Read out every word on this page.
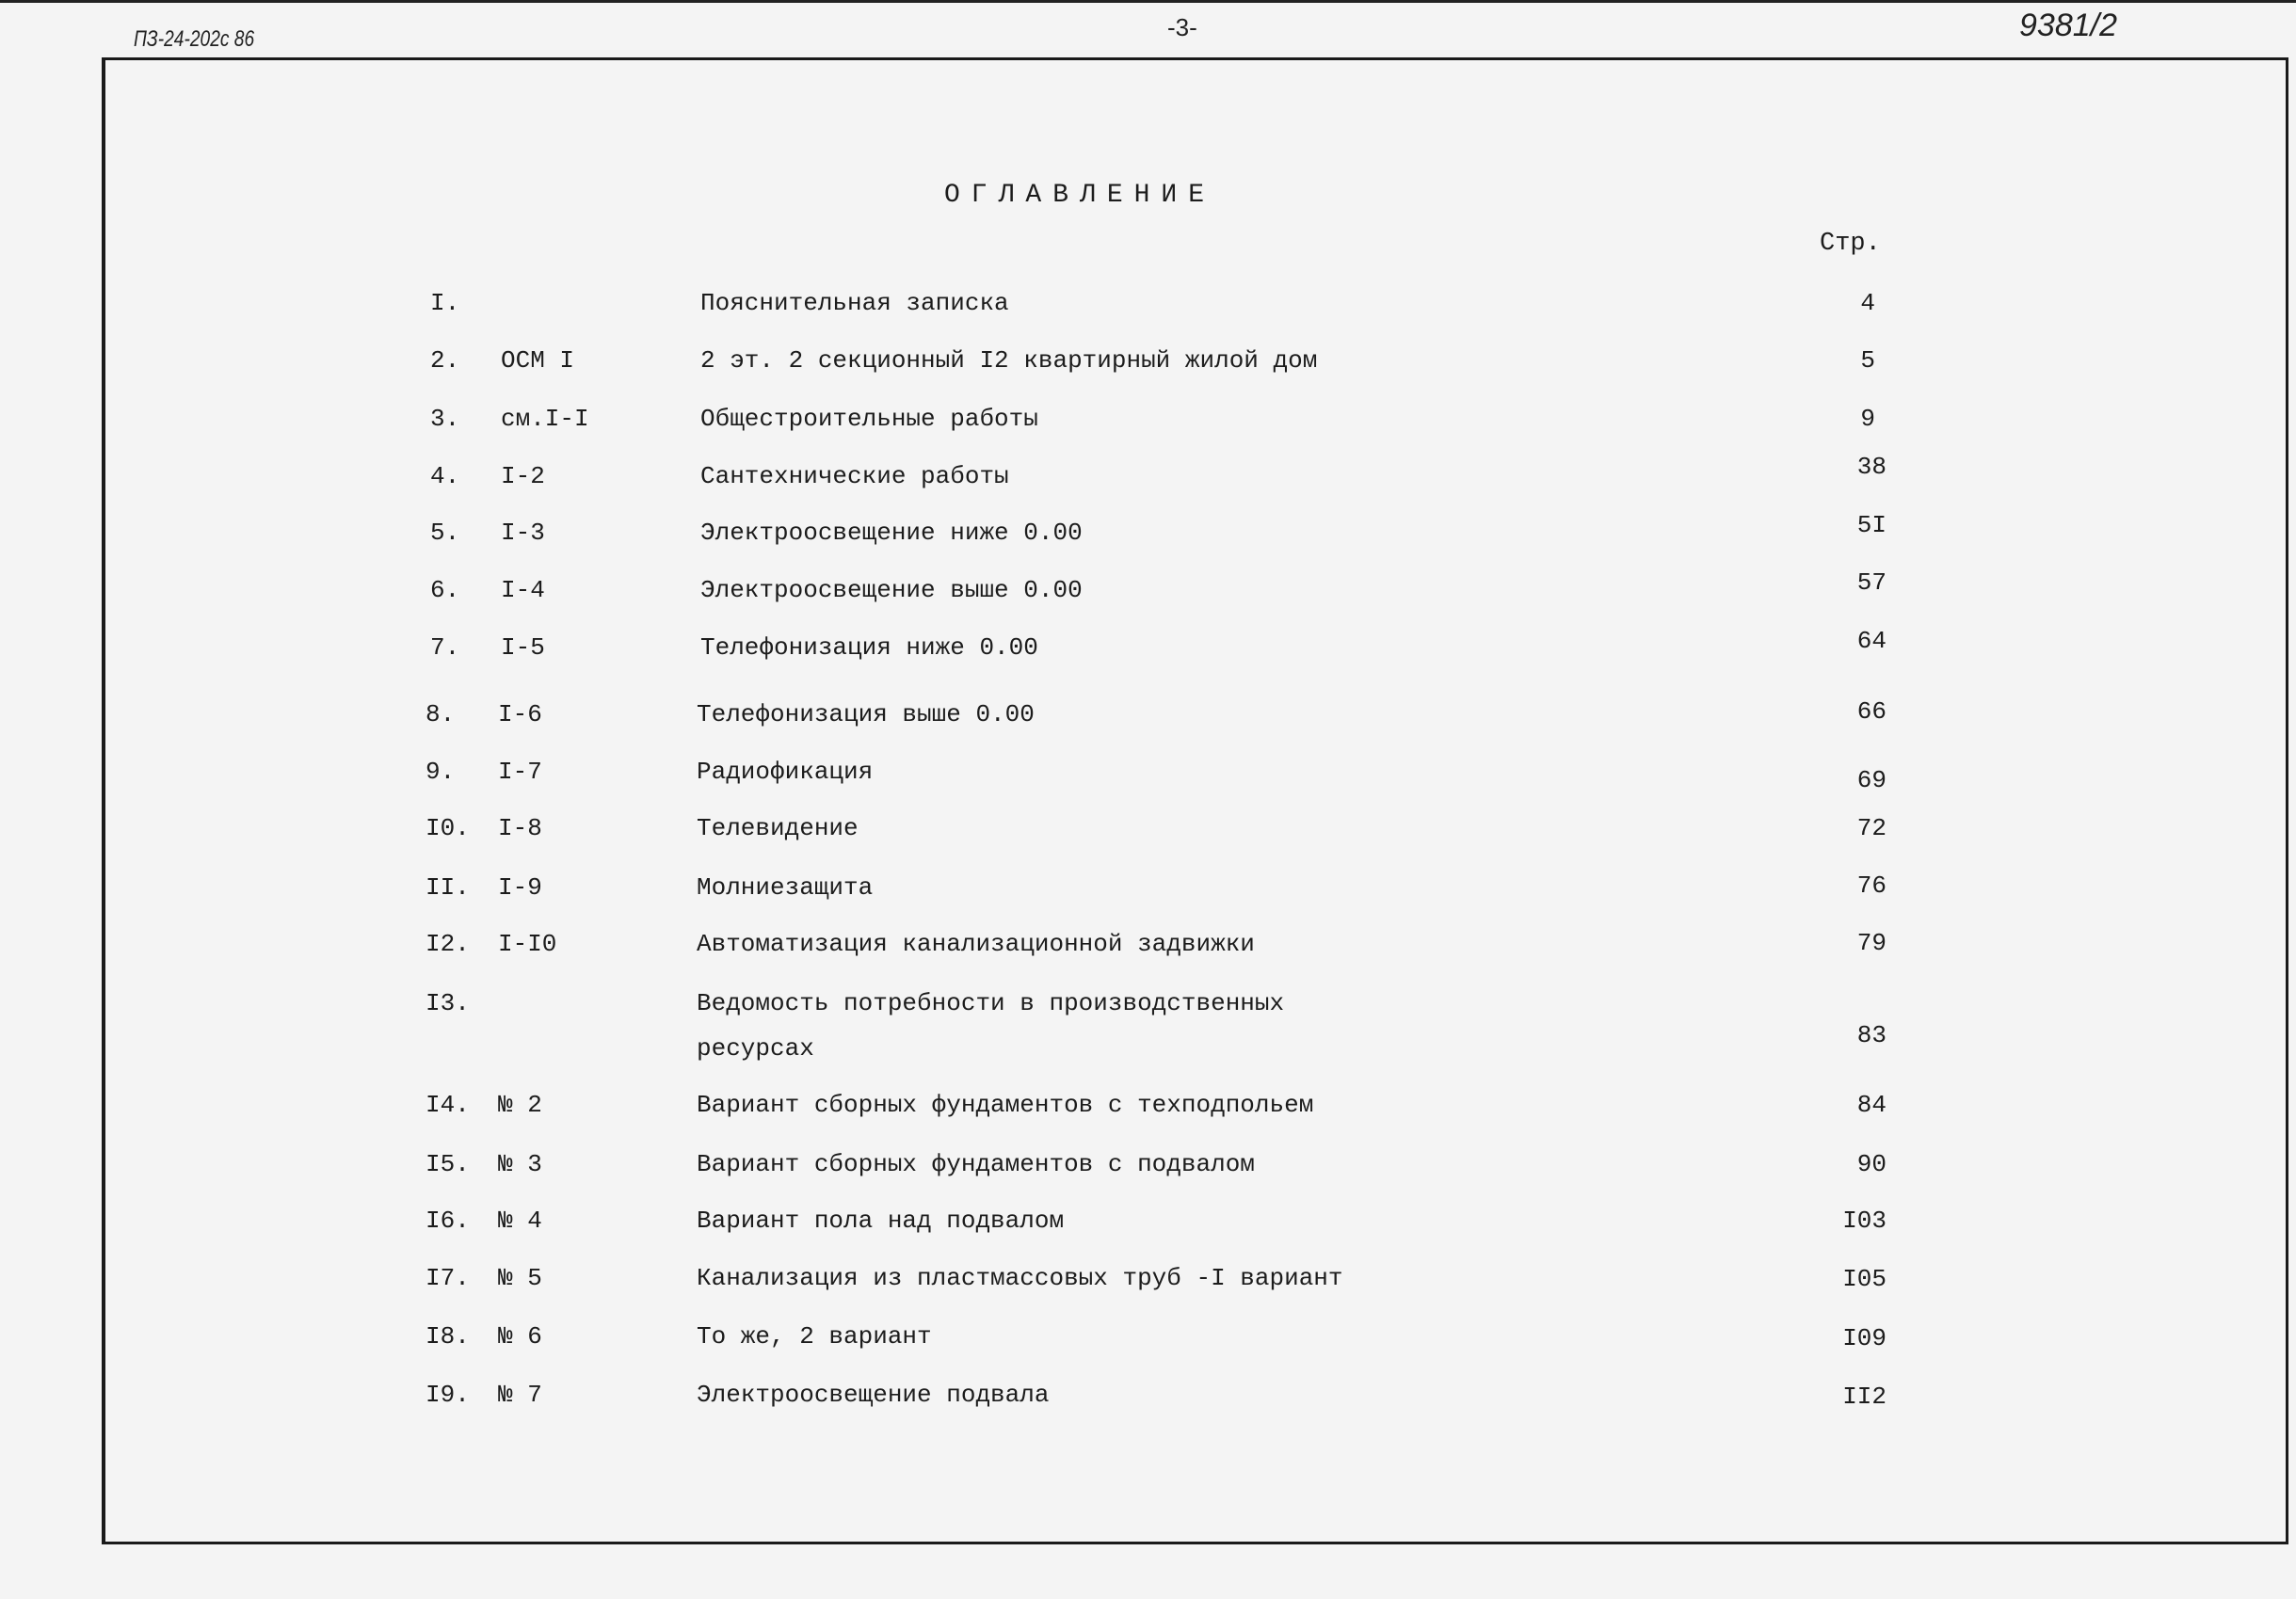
ПЗ-24-202с 86	-3-	9381/2
ОГЛАВЛЕНИЕ
Стр.
I.	Пояснительная записка	4
2. ОСМ I	2 эт. 2 секционный I2 квартирный жилой дом	5
3. см.I-I	Общестроительные работы	9
4. I-2	Сантехнические работы	38
5. I-3	Электроосвещение ниже 0.00	5I
6. I-4	Электроосвещение выше 0.00	57
7. I-5	Телефонизация ниже 0.00	64
8. I-6	Телефонизация выше 0.00	66
9. I-7	Радиофикация	69
I0. I-8	Телевидение	72
II. I-9	Молниезащита	76
I2. I-I0	Автоматизация канализационной задвижки	79
I3.	Ведомость потребности в производственных
ресурсах	83
I4. № 2	Вариант сборных фундаментов с техподпольем	84
I5. № 3	Вариант сборных фундаментов с подвалом	90
I6. № 4	Вариант пола над подвалом	I03
I7. № 5	Канализация из пластмассовых труб -I вариант	I05
I8. № 6	То же, 2 вариант	I09
I9. № 7	Электроосвещение подвала	II2
